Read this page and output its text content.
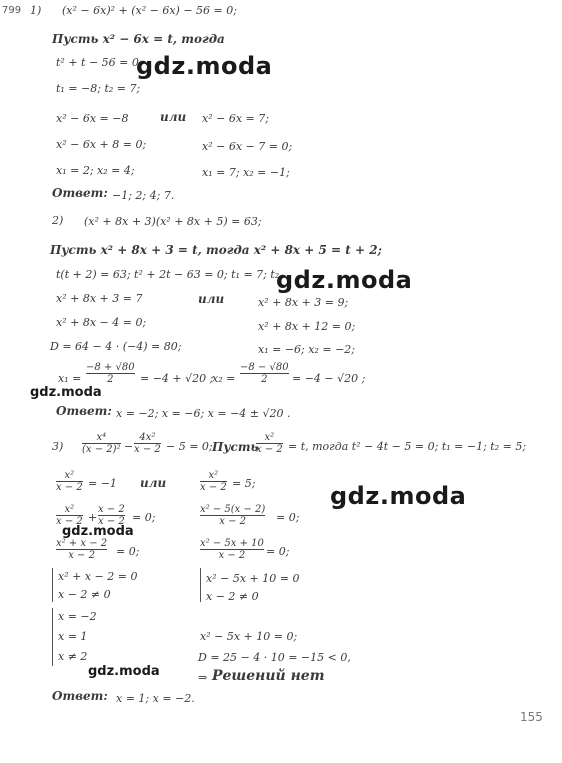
799 1) (x² − 6x)² + (x² − 6x) − 56 = 0;
Пусть x² − 6x = t, тогда
t² + t − 56 = 0;
t₁ = −8; t₂ = 7;
x² − 6x = −8	или x² − 6x = 7;
x² − 6x + 8 = 0;	x² − 6x − 7 = 0;
x₁ = 2; x₂ = 4;	x₁ = 7; x₂ = −1;
Ответ: −1; 2; 4; 7.
2) (x² + 8x + 3)(x² + 8x + 5) = 63;
Пусть x² + 8x + 3 = t, тогда x² + 8x + 5 = t + 2;
t(t + 2) = 63; t² + 2t − 63 = 0; t₁ = 7; t₂
x² + 8x + 3 = 7	или	x² + 8x + 3 = 9;
x² + 8x − 4 = 0;	x² + 8x + 12 = 0;
D = 64 − 4 · (−4) = 80;	x₁ = −6; x₂ = −2;
x₁ =
−8 + √80
2 = −4 + √20 ;
x₂ =
−8 − √80
2 = −4 − √20 ;
Ответ: x = −2; x = −6; x = −4 ± √20 .
3)
x⁴
(x − 2)² −
4x²
x − 2 − 5 = 0; Пусть
x²
x − 2 = t, тогда t² − 4t − 5 = 0; t₁ = −1; t₂ = 5;
x²
x − 2 = −1 или
x²
x − 2 = 5;
x²
x − 2 +
x − 2
x − 2 = 0;
x² − 5(x − 2)
x − 2	= 0;
x² + x − 2
x − 2 = 0;
x² − 5x + 10
x − 2 = 0;
x² + x − 2 = 0
x − 2 ≠ 0
x² − 5x + 10 = 0
x − 2 ≠ 0
x = −2
x = 1
x ≠ 2
x² − 5x + 10 = 0;
D = 25 − 4 · 10 = −15 < 0,
⇒ Решений нет
Ответ: x = 1; x = −2.
gdz.moda
gdz.moda
gdz.moda
gdz.moda
gdz.moda
gdz.moda
155
